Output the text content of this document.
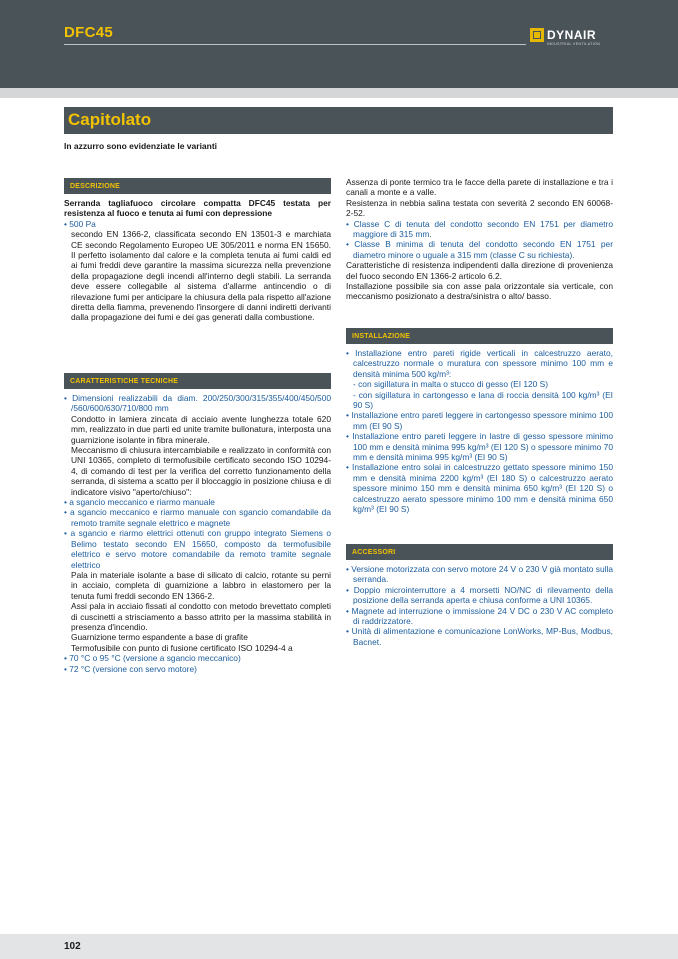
DFC45	DYNAIR
INDUSTRIAL VENTILATION
Capitolato
In azzurro sono evidenziate le varianti
DESCRIZIONE

Serranda tagliafuoco circolare compatta DFC45 testata per resistenza al fuoco e tenuta ai fumi con depressione

• 500 Pa

secondo EN 1366-2, classificata secondo EN 13501-3 e marchiata CE secondo Regolamento Europeo UE 305/2011 e norma EN 15650. Il perfetto isolamento dal calore e la completa tenuta ai fumi caldi ed ai fumi freddi deve garantire la massima sicurezza nella prevenzione della propagazione degli incendi all'interno degli stabili. La serranda deve essere collegabile al sistema d'allarme antincendio o di rilevazione fumi per anticipare la chiusura della pala rispetto all'azione diretta della fiamma, prevenendo l'insorgere di danni indiretti derivanti dalla propagazione dei fumi e dei gas generati dalla combustione.

CARATTERISTICHE TECNICHE

• Dimensioni realizzabili da diam. 200/250/300/315/355/400/450/500 /560/600/630/710/800 mm

Condotto in lamiera zincata di acciaio avente lunghezza totale 620 mm, realizzato in due parti ed unite tramite bullonatura, interposta una guarnizione isolante in fibra minerale.

Meccanismo di chiusura intercambiabile e realizzato in conformità con UNI 10365, completo di termofusibile certificato secondo ISO 10294-4, di comando di test per la verifica del corretto funzionamento della serranda, di sistema a scatto per il bloccaggio in posizione chiusa e di indicatore visivo "aperto/chiuso":

• a sgancio meccanico e riarmo manuale

• a sgancio meccanico e riarmo manuale con sgancio comandabile da remoto tramite segnale elettrico e magnete

• a sgancio e riarmo elettrici ottenuti con gruppo integrato Siemens o Belimo testato secondo EN 15650, composto da termofusibile elettrico e servo motore comandabile da remoto tramite segnale elettrico

Pala in materiale isolante a base di silicato di calcio, rotante su perni in acciaio, completa di guarnizione a labbro in elastomero per la tenuta fumi freddi secondo EN 1366-2.

Assi pala in acciaio fissati al condotto con metodo brevettato completi di cuscinetti a strisciamento a basso attrito per la massima stabilità in presenza d'incendio.

Guarnizione termo espandente a base di grafite

Termofusibile con punto di fusione certificato ISO 10294-4 a

• 70 °C o 95 °C (versione a sgancio meccanico)

• 72 °C (versione con servo motore)

Assenza di ponte termico tra le facce della parete di installazione e tra i canali a monte e a valle.

Resistenza in nebbia salina testata con severità 2 secondo EN 60068-2-52.

• Classe C di tenuta del condotto secondo EN 1751 per diametro maggiore di 315 mm.

• Classe B minima di tenuta del condotto secondo EN 1751 per diametro minore o uguale a 315 mm (classe C su richiesta).

Caratteristiche di resistenza indipendenti dalla direzione di provenienza del fuoco secondo EN 1366-2 articolo 6.2.

Installazione possibile sia con asse pala orizzontale sia verticale, con meccanismo posizionato a destra/sinistra o alto/ basso.

INSTALLAZIONE

• Installazione entro pareti rigide verticali in calcestruzzo aerato, calcestruzzo normale o muratura con spessore minimo 100 mm e densità minima 500 kg/m³:

- con sigillatura in malta o stucco di gesso (EI 120 S)

- con sigillatura in cartongesso e lana di roccia densità 100 kg/m³ (EI 90 S)

• Installazione entro pareti leggere in cartongesso spessore minimo 100 mm (EI 90 S)

• Installazione entro pareti leggere in lastre di gesso spessore minimo 100 mm e densità minima 995 kg/m³ (EI 120 S) o spessore minimo 70 mm e densità minima 995 kg/m³ (EI 90 S)

• Installazione entro solai in calcestruzzo gettato spessore minimo 150 mm e densità minima 2200 kg/m³ (EI 180 S) o calcestruzzo aerato spessore minimo 150 mm e densità minima 650 kg/m³ (EI 120 S) o calcestruzzo aerato spessore minimo 100 mm e densità minima 650 kg/m³ (EI 90 S)

ACCESSORI

• Versione motorizzata con servo motore 24 V o 230 V già montato sulla serranda.

• Doppio microinterruttore a 4 morsetti NO/NC di rilevamento della posizione della serranda aperta e chiusa conforme a UNI 10365.

• Magnete ad interruzione o immissione 24 V DC o 230 V AC completo di raddrizzatore.

• Unità di alimentazione e comunicazione LonWorks, MP-Bus, Modbus, Bacnet.

102
